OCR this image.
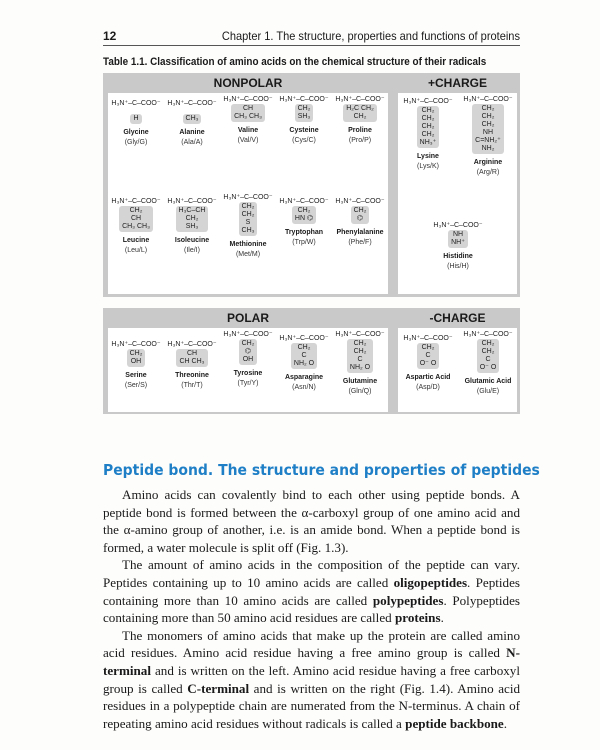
12	Chapter 1. The structure, properties and functions of proteins
Table 1.1. Classification of amino acids on the chemical structure of their radicals
NONPOLAR	+CHARGE
H₃N⁺–C–COO⁻
H
Glycine
(Gly/G)
H₃N⁺–C–COO⁻
CH₃
Alanine
(Ala/A)
H₃N⁺–C–COO⁻
CH
CH₃ CH₃
Valine
(Val/V)
H₃N⁺–C–COO⁻
CH₂
SH₃
Cysteine
(Cys/C)
H₃N⁺–C–COO⁻
H₂C CH₂
CH₂
Proline
(Pro/P)
H₃N⁺–C–COO⁻
CH₂
CH
CH₃ CH₃
Leucine
(Leu/L)
H₃N⁺–C–COO⁻
H₃C–CH
CH₂
SH₃
Isoleucine
(Ile/I)
H₃N⁺–C–COO⁻
CH₂
CH₂
S
CH₃
Methionine
(Met/M)
H₃N⁺–C–COO⁻
CH₂
HN ⌬
Tryptophan
(Trp/W)
H₃N⁺–C–COO⁻
CH₂
⌬
Phenylalanine
(Phe/F)
H₃N⁺–C–COO⁻
CH₂
CH₂
CH₂
CH₂
NH₃⁺
Lysine
(Lys/K)
H₃N⁺–C–COO⁻
CH₂
CH₂
CH₂
NH
C=NH₂⁺
NH₂
Arginine
(Arg/R)
H₃N⁺–C–COO⁻
NH
NH⁺
Histidine
(His/H)
POLAR	-CHARGE
H₃N⁺–C–COO⁻
CH₂
OH
Serine
(Ser/S)
H₃N⁺–C–COO⁻
CH
CH CH₃
Threonine
(Thr/T)
H₃N⁺–C–COO⁻
CH₂
⌬
OH
Tyrosine
(Tyr/Y)
H₃N⁺–C–COO⁻
CH₂
C
NH₂ O
Asparagine
(Asn/N)
H₃N⁺–C–COO⁻
CH₂
CH₂
C
NH₂ O
Glutamine
(Gln/Q)
H₃N⁺–C–COO⁻
CH₂
C
O⁻ O
Aspartic Acid
(Asp/D)
H₃N⁺–C–COO⁻
CH₂
CH₂
C
O⁻ O
Glutamic Acid
(Glu/E)
Peptide bond. The structure and properties of peptides

Amino acids can covalently bind to each other using peptide bonds. A peptide bond is formed between the α-carboxyl group of one amino acid and the α-amino group of another, i.e. is an amide bond. When a peptide bond is formed, a water molecule is split off (Fig. 1.3).

The amount of amino acids in the composition of the peptide can vary. Peptides containing up to 10 amino acids are called oligopeptides. Peptides containing more than 10 amino acids are called polypeptides. Polypeptides containing more than 50 amino acid residues are called proteins.

The monomers of amino acids that make up the protein are called amino acid residues. Amino acid residue having a free amino group is called N-terminal and is written on the left. Amino acid residue having a free carboxyl group is called C-terminal and is written on the right (Fig. 1.4). Amino acid residues in a polypeptide chain are numerated from the N-terminus. A chain of repeating amino acid residues without radicals is called a peptide backbone.
